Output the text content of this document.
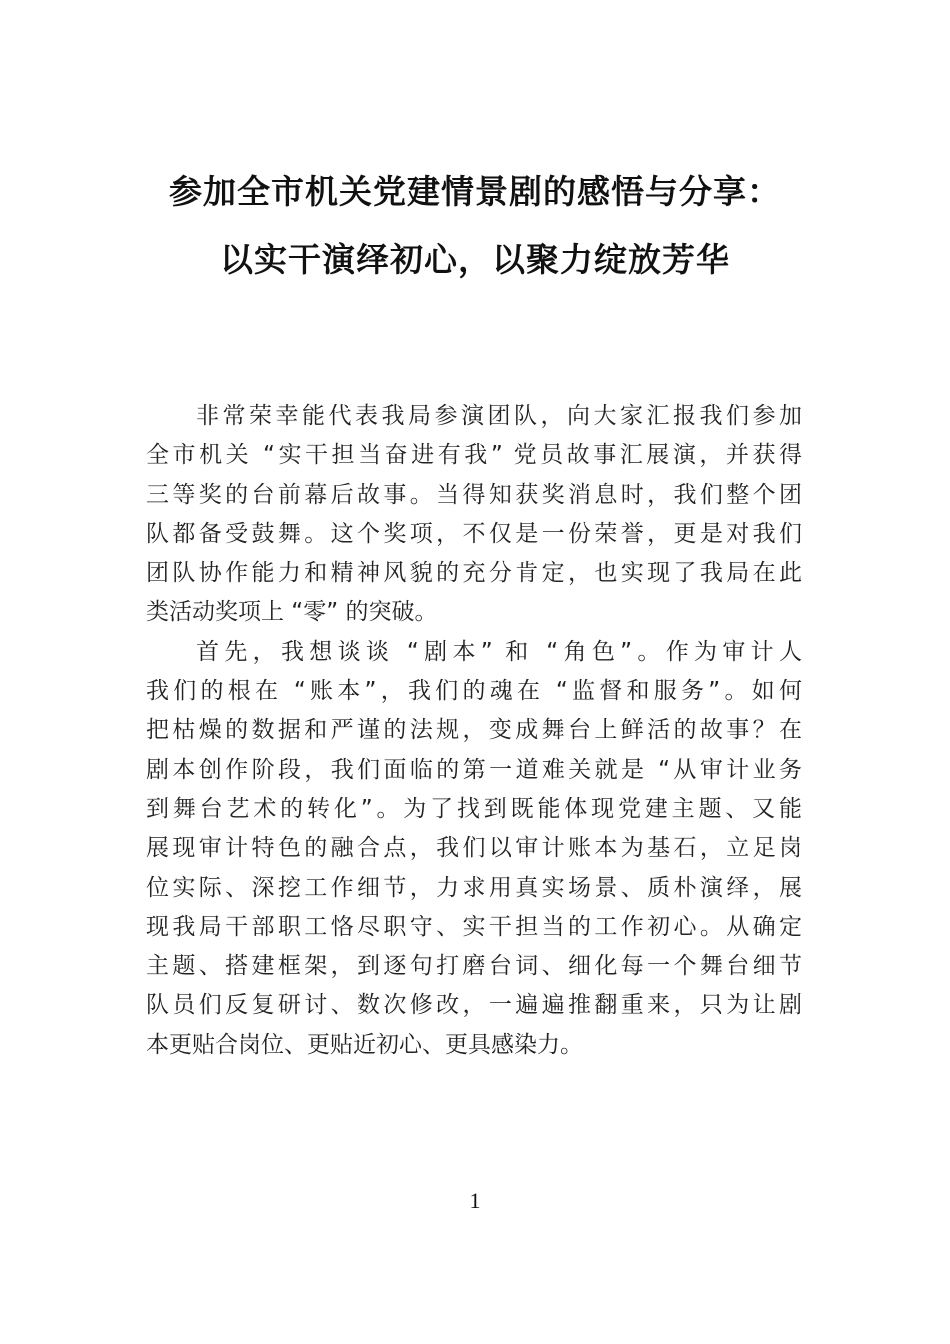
参加全市机关党建情景剧的感悟与分享：
以实干演绎初心，以聚力绽放芳华
非常荣幸能代表我局参演团队，向大家汇报我们参加
全市机关 “实干担当奋进有我” 党员故事汇展演，并获得
三等奖的台前幕后故事。当得知获奖消息时，我们整个团
队都备受鼓舞。这个奖项，不仅是一份荣誉，更是对我们
团队协作能力和精神风貌的充分肯定，也实现了我局在此
类活动奖项上 “零” 的突破。
首先，我想谈谈 “剧本” 和 “角色”。作为审计人
我们的根在 “账本”，我们的魂在 “监督和服务”。如何
把枯燥的数据和严谨的法规，变成舞台上鲜活的故事？在
剧本创作阶段，我们面临的第一道难关就是 “从审计业务
到舞台艺术的转化”。为了找到既能体现党建主题、又能
展现审计特色的融合点，我们以审计账本为基石，立足岗
位实际、深挖工作细节，力求用真实场景、质朴演绎，展
现我局干部职工恪尽职守、实干担当的工作初心。从确定
主题、搭建框架，到逐句打磨台词、细化每一个舞台细节
队员们反复研讨、数次修改，一遍遍推翻重来，只为让剧
本更贴合岗位、更贴近初心、更具感染力。
1
